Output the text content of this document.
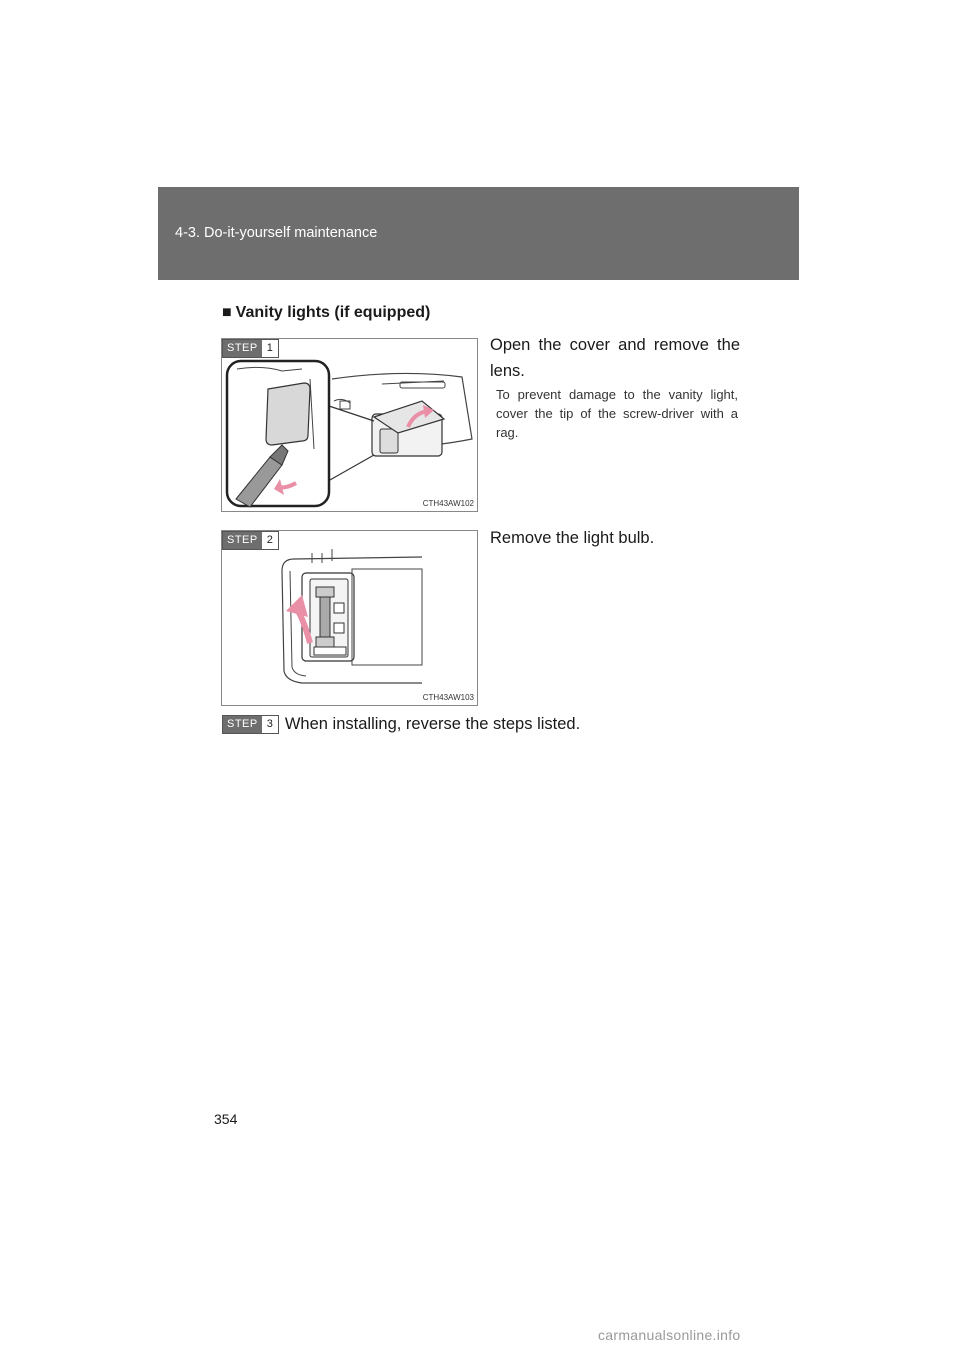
4-3. Do-it-yourself maintenance
■ Vanity lights (if equipped)
STEP 1
CTH43AW102
Open the cover and remove the lens.
To prevent damage to the vanity light, cover the tip of the screw-driver with a rag.
STEP 2
CTH43AW103
Remove the light bulb.
STEP 3 When installing, reverse the steps listed.
354
carmanualsonline.info
